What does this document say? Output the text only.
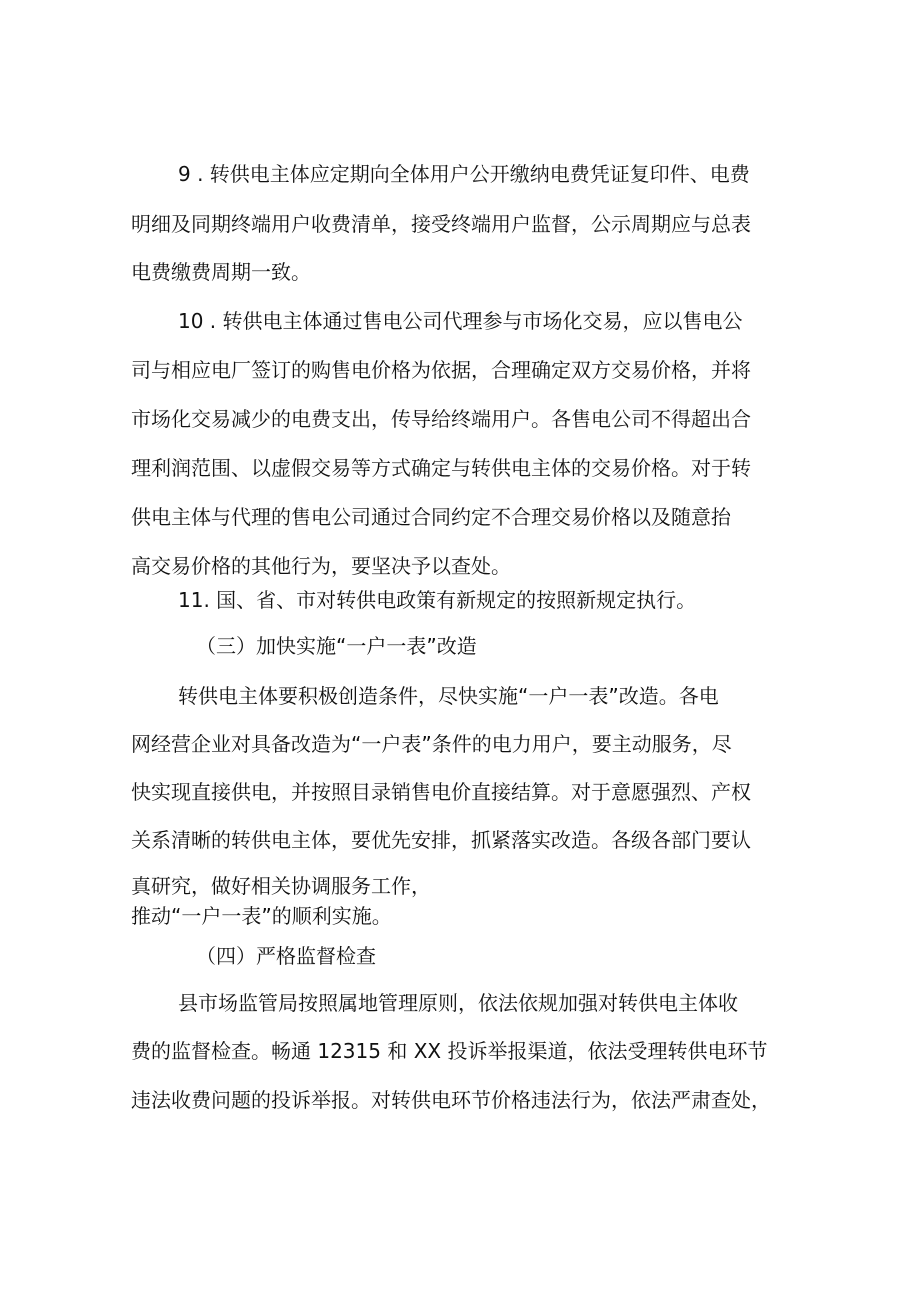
9 . 转供电主体应定期向全体用户公开缴纳电费凭证复印件、电费

明细及同期终端用户收费清单，接受终端用户监督，公示周期应与总表

电费缴费周期一致。

10 . 转供电主体通过售电公司代理参与市场化交易，应以售电公

司与相应电厂签订的购售电价格为依据，合理确定双方交易价格，并将

市场化交易减少的电费支出，传导给终端用户。各售电公司不得超出合

理利润范围、以虚假交易等方式确定与转供电主体的交易价格。对于转

供电主体与代理的售电公司通过合同约定不合理交易价格以及随意抬

高交易价格的其他行为，要坚决予以查处。

11. 国、省、市对转供电政策有新规定的按照新规定执行。

（三）加快实施“一户一表”改造

转供电主体要积极创造条件，尽快实施“一户一表”改造。各电

网经营企业对具备改造为“一户表”条件的电力用户，要主动服务，尽

快实现直接供电，并按照目录销售电价直接结算。对于意愿强烈、产权

关系清晰的转供电主体，要优先安排，抓紧落实改造。各级各部门要认

真研究，做好相关协调服务工作，

推动“一户一表”的顺利实施。

（四）严格监督检查

县市场监管局按照属地管理原则，依法依规加强对转供电主体收

费的监督检查。畅通 12315 和 XX 投诉举报渠道，依法受理转供电环节

违法收费问题的投诉举报。对转供电环节价格违法行为，依法严肃查处，
